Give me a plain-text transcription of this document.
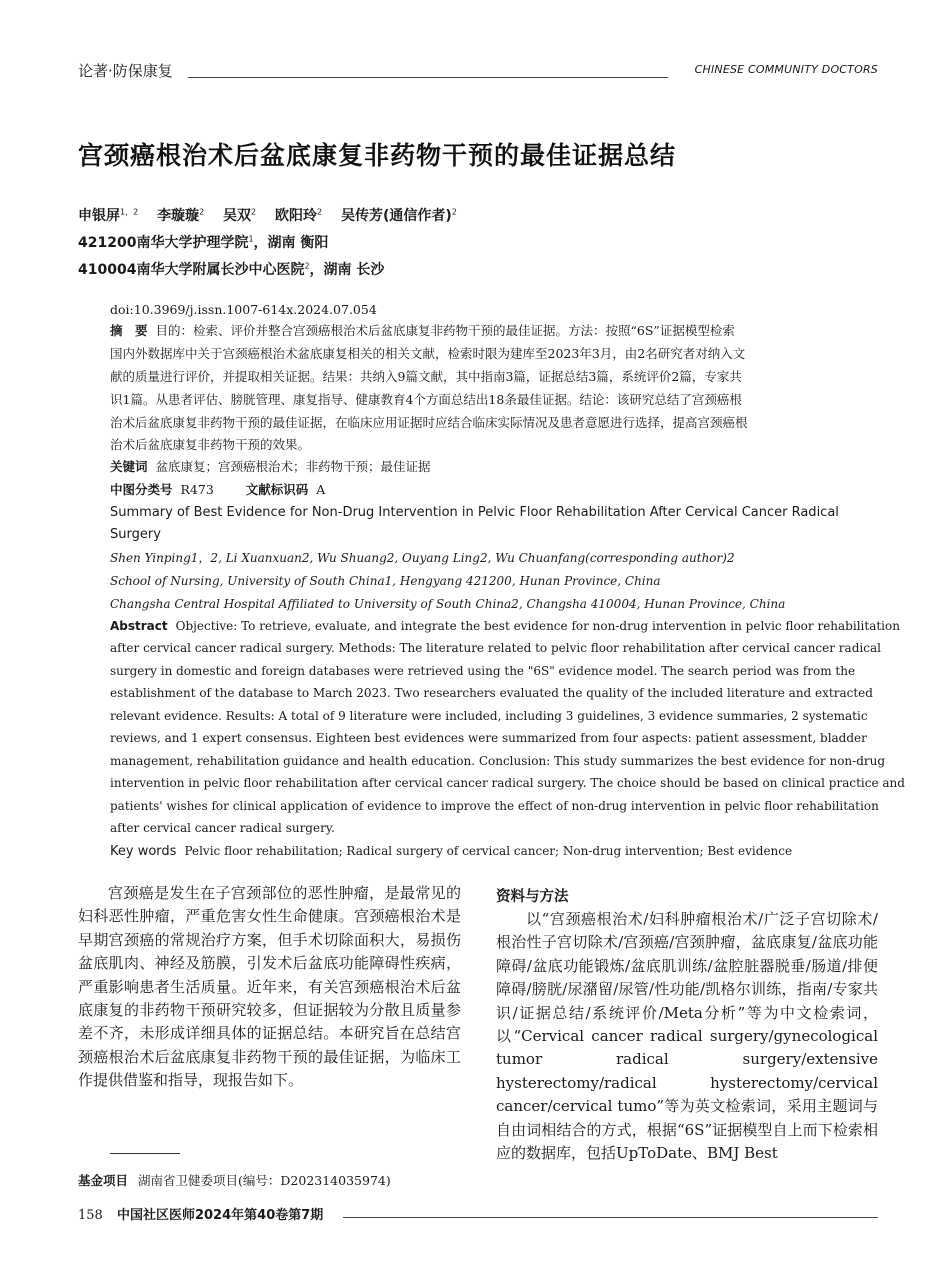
论著·防保康复	CHINESE COMMUNITY DOCTORS
宫颈癌根治术后盆底康复非药物干预的最佳证据总结
申银屏$^{1,2}$ 李璇璇$^2$ 吴双$^2$ 欧阳玲$^2$ 吴传芳(通信作者)$^2$
421200南华大学护理学院$^1$，湖南 衡阳
410004南华大学附属长沙中心医院$^2$，湖南 长沙
doi:10.3969/j.issn.1007-614x.2024.07.054
摘　要 目的：检索、评价并整合宫颈癌根治术后盆底康复非药物干预的最佳证据。方法：按照“6S”证据模型检索
国内外数据库中关于宫颈癌根治术盆底康复相关的相关文献，检索时限为建库至2023年3月，由2名研究者对纳入文
献的质量进行评价，并提取相关证据。结果：共纳入9篇文献，其中指南3篇，证据总结3篇，系统评价2篇，专家共
识1篇。从患者评估、膀胱管理、康复指导、健康教育4个方面总结出18条最佳证据。结论：该研究总结了宫颈癌根
治术后盆底康复非药物干预的最佳证据，在临床应用证据时应结合临床实际情况及患者意愿进行选择，提高宫颈癌根
治术后盆底康复非药物干预的效果。
关键词 盆底康复；宫颈癌根治术；非药物干预；最佳证据
中图分类号 R473	文献标识码 A
Summary of Best Evidence for Non-Drug Intervention in Pelvic Floor Rehabilitation After Cervical Cancer Radical
Surgery
Shen Yinping1，2, Li Xuanxuan2, Wu Shuang2, Ouyang Ling2, Wu Chuanfang(corresponding author)2
School of Nursing, University of South China1, Hengyang 421200, Hunan Province, China
Changsha Central Hospital Affiliated to University of South China2, Changsha 410004, Hunan Province, China
Abstract Objective: To retrieve, evaluate, and integrate the best evidence for non-drug intervention in pelvic floor rehabilitation
after cervical cancer radical surgery. Methods: The literature related to pelvic floor rehabilitation after cervical cancer radical
surgery in domestic and foreign databases were retrieved using the "6S" evidence model. The search period was from the
establishment of the database to March 2023. Two researchers evaluated the quality of the included literature and extracted
relevant evidence. Results: A total of 9 literature were included, including 3 guidelines, 3 evidence summaries, 2 systematic
reviews, and 1 expert consensus. Eighteen best evidences were summarized from four aspects: patient assessment, bladder
management, rehabilitation guidance and health education. Conclusion: This study summarizes the best evidence for non-drug
intervention in pelvic floor rehabilitation after cervical cancer radical surgery. The choice should be based on clinical practice and
patients' wishes for clinical application of evidence to improve the effect of non-drug intervention in pelvic floor rehabilitation
after cervical cancer radical surgery.
Key words Pelvic floor rehabilitation; Radical surgery of cervical cancer; Non-drug intervention; Best evidence

宫颈癌是发生在子宫颈部位的恶性肿瘤，是最常见的妇科恶性肿瘤，严重危害女性生命健康。宫颈癌根治术是早期宫颈癌的常规治疗方案，但手术切除面积大，易损伤盆底肌肉、神经及筋膜，引发术后盆底功能障碍性疾病，严重影响患者生活质量。近年来，有关宫颈癌根治术后盆底康复的非药物干预研究较多，但证据较为分散且质量参差不齐，未形成详细具体的证据总结。本研究旨在总结宫颈癌根治术后盆底康复非药物干预的最佳证据，为临床工作提供借鉴和指导，现报告如下。

资料与方法

以“宫颈癌根治术/妇科肿瘤根治术/广泛子宫切除术/根治性子宫切除术/宫颈癌/宫颈肿瘤，盆底康复/盆底功能障碍/盆底功能锻炼/盆底肌训练/盆腔脏器脱垂/肠道/排便障碍/膀胱/尿潴留/尿管/性功能/凯格尔训练，指南/专家共识/证据总结/系统评价/Meta分析”等为中文检索词，以“Cervical cancer radical surgery/gynecological tumor radical surgery/extensive hysterectomy/radical hysterectomy/cervical cancer/cervical tumo”等为英文检索词，采用主题词与自由词相结合的方式，根据“6S”证据模型自上而下检索相应的数据库，包括UpToDate、BMJ Best

基金项目 湖南省卫健委项目(编号：D202314035974)
158 中国社区医师2024年第40卷第7期
